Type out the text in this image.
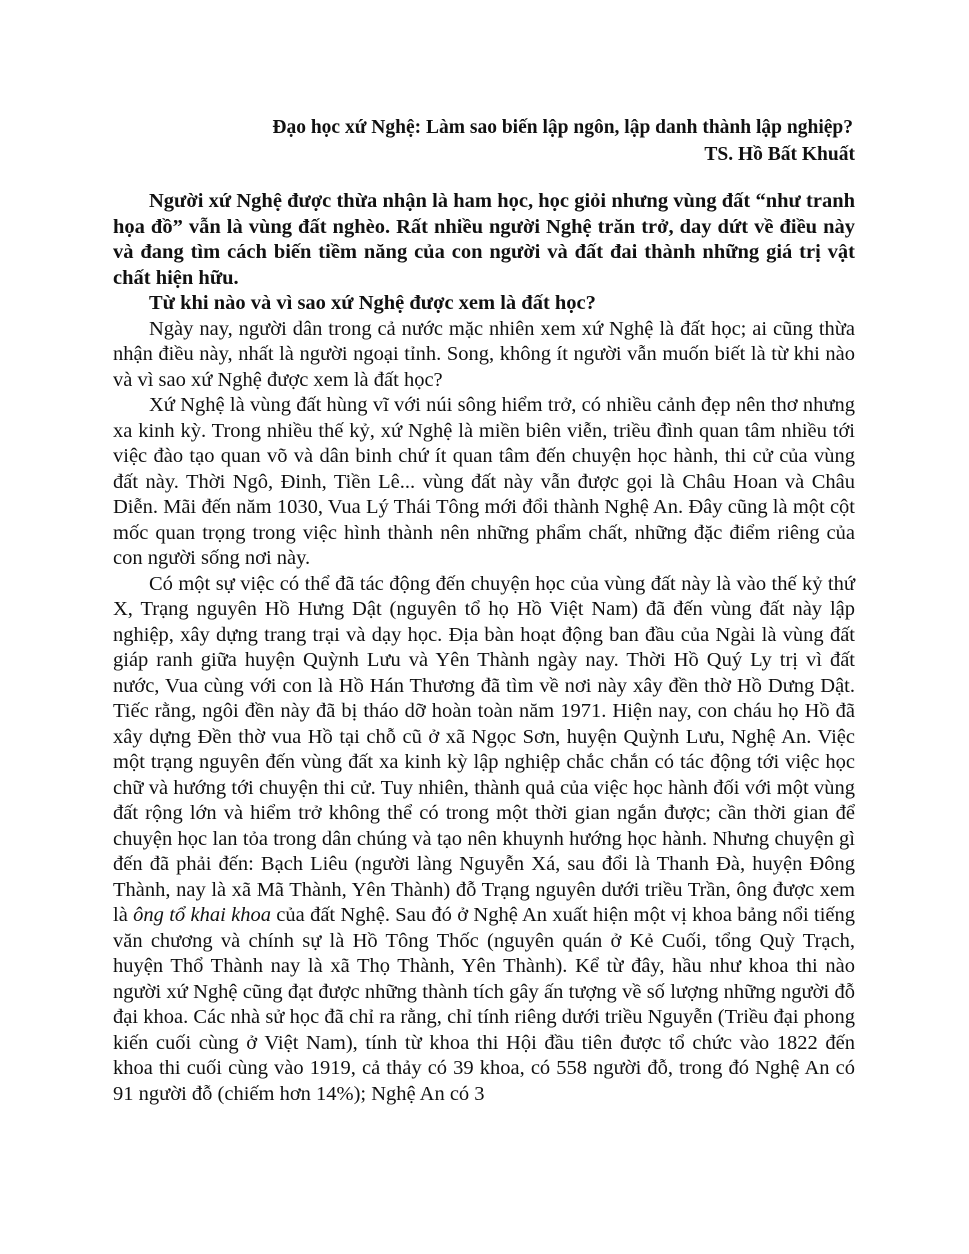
Đạo học xứ Nghệ: Làm sao biến lập ngôn, lập danh thành lập nghiệp?

TS. Hồ Bất Khuất

Người xứ Nghệ được thừa nhận là ham học, học giỏi nhưng vùng đất “như tranh họa đồ” vẫn là vùng đất nghèo. Rất nhiều người Nghệ trăn trở, day dứt về điều này và đang tìm cách biến tiềm năng của con người và đất đai thành những giá trị vật chất hiện hữu.

Từ khi nào và vì sao xứ Nghệ được xem là đất học?

Ngày nay, người dân trong cả nước mặc nhiên xem xứ Nghệ là đất học; ai cũng thừa nhận điều này, nhất là người ngoại tỉnh. Song, không ít người vẫn muốn biết là từ khi nào và vì sao xứ Nghệ được xem là đất học?

Xứ Nghệ là vùng đất hùng vĩ với núi sông hiểm trở, có nhiều cảnh đẹp nên thơ nhưng xa kinh kỳ. Trong nhiều thế kỷ, xứ Nghệ là miền biên viễn, triều đình quan tâm nhiều tới việc đào tạo quan võ và dân binh chứ ít quan tâm đến chuyện học hành, thi cử của vùng đất này. Thời Ngô, Đinh, Tiền Lê... vùng đất này vẫn được gọi là Châu Hoan và Châu Diễn. Mãi đến năm 1030, Vua Lý Thái Tông mới đổi thành Nghệ An. Đây cũng là một cột mốc quan trọng trong việc hình thành nên những phẩm chất, những đặc điểm riêng của con người sống nơi này.

Có một sự việc có thể đã tác động đến chuyện học của vùng đất này là vào thế kỷ thứ X, Trạng nguyên Hồ Hưng Dật (nguyên tổ họ Hồ Việt Nam) đã đến vùng đất này lập nghiệp, xây dựng trang trại và dạy học. Địa bàn hoạt động ban đầu của Ngài là vùng đất giáp ranh giữa huyện Quỳnh Lưu và Yên Thành ngày nay. Thời Hồ Quý Ly trị vì đất nước, Vua cùng với con là Hồ Hán Thương đã tìm về nơi này xây đền thờ Hồ Dưng Dật. Tiếc rằng, ngôi đền này đã bị tháo dỡ hoàn toàn năm 1971. Hiện nay, con cháu họ Hồ đã xây dựng Đền thờ vua Hồ tại chỗ cũ ở xã Ngọc Sơn, huyện Quỳnh Lưu, Nghệ An. Việc một trạng nguyên đến vùng đất xa kinh kỳ lập nghiệp chắc chắn có tác động tới việc học chữ và hướng tới chuyện thi cử. Tuy nhiên, thành quả của việc học hành đối với một vùng đất rộng lớn và hiểm trở không thể có trong một thời gian ngắn được; cần thời gian để chuyện học lan tỏa trong dân chúng và tạo nên khuynh hướng học hành. Nhưng chuyện gì đến đã phải đến: Bạch Liêu (người làng Nguyễn Xá, sau đổi là Thanh Đà, huyện Đông Thành, nay là xã Mã Thành, Yên Thành) đỗ Trạng nguyên dưới triều Trần, ông được xem là ông tổ khai khoa của đất Nghệ. Sau đó ở Nghệ An xuất hiện một vị khoa bảng nổi tiếng văn chương và chính sự là Hồ Tông Thốc (nguyên quán ở Kẻ Cuối, tổng Quỳ Trạch, huyện Thổ Thành nay là xã Thọ Thành, Yên Thành). Kể từ đây, hầu như khoa thi nào người xứ Nghệ cũng đạt được những thành tích gây ấn tượng về số lượng những người đỗ đại khoa. Các nhà sử học đã chỉ ra rằng, chỉ tính riêng dưới triều Nguyễn (Triều đại phong kiến cuối cùng ở Việt Nam), tính từ khoa thi Hội đầu tiên được tổ chức vào 1822 đến khoa thi cuối cùng vào 1919, cả thảy có 39 khoa, có 558 người đỗ, trong đó Nghệ An có 91 người đỗ (chiếm hơn 14%); Nghệ An có 3
